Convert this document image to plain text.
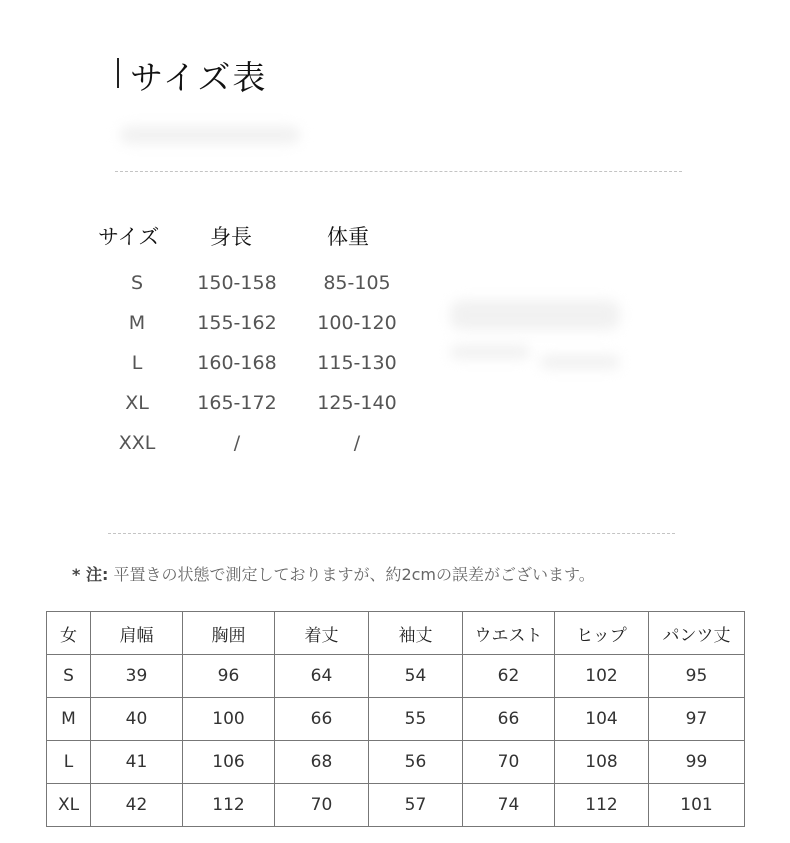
サイズ表
サイズ 身長	体重
S	150-158	85-105
M	155-162	100-120
L	160-168	115-130
XL	165-172	125-140
XXL	/	/
* 注: 平置きの状態で測定しておりますが、約2cmの誤差がございます。
女	肩幅	胸囲	着丈	袖丈	ウエスト	ヒップ	パンツ丈
S	39	96	64	54	62	102	95
M	40	100	66	55	66	104	97
L	41	106	68	56	70	108	99
XL	42	112	70	57	74	112	101
